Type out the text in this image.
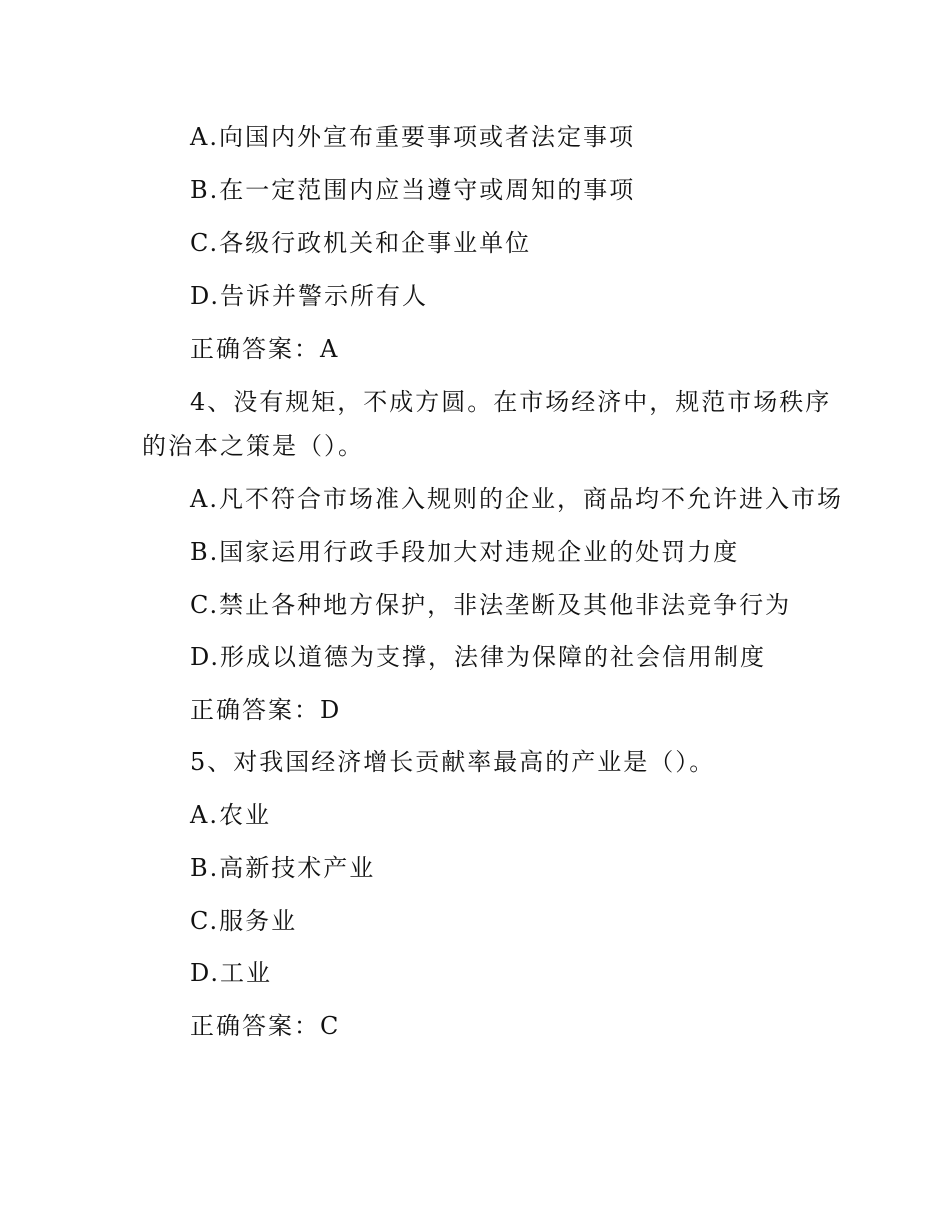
A.向国内外宣布重要事项或者法定事项
B.在一定范围内应当遵守或周知的事项
C.各级行政机关和企事业单位
D.告诉并警示所有人
正确答案：A
4、没有规矩，不成方圆。在市场经济中，规范市场秩序
的治本之策是（）。
A.凡不符合市场准入规则的企业，商品均不允许进入市场
B.国家运用行政手段加大对违规企业的处罚力度
C.禁止各种地方保护，非法垄断及其他非法竞争行为
D.形成以道德为支撑，法律为保障的社会信用制度
正确答案：D
5、对我国经济增长贡献率最高的产业是（）。
A.农业
B.高新技术产业
C.服务业
D.工业
正确答案：C
